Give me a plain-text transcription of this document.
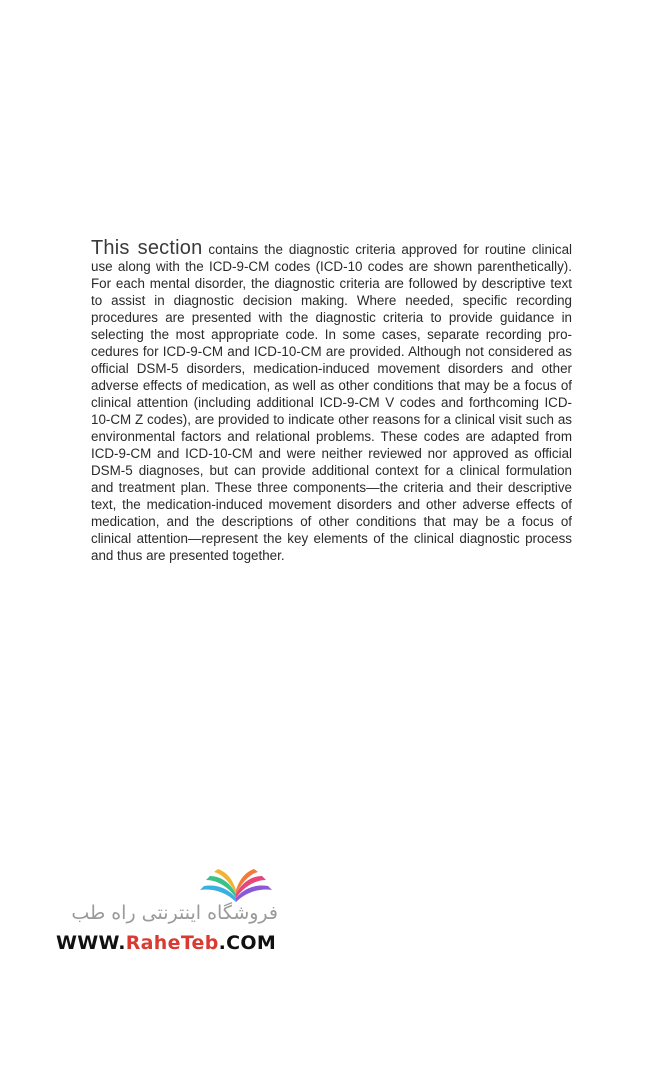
This section contains the diagnostic criteria approved for routine clinical use along with the ICD-9-CM codes (ICD-10 codes are shown parenthetically). For each mental disorder, the diagnostic criteria are followed by descriptive text to assist in diagnostic decision making. Where needed, specific recording procedures are presented with the diagnostic criteria to provide guidance in selecting the most appropriate code. In some cases, separate recording procedures for ICD-9-CM and ICD-10-CM are provided. Although not considered as official DSM-5 disorders, medication-induced movement disorders and other adverse effects of medication, as well as other conditions that may be a focus of clinical attention (including additional ICD-9-CM V codes and forthcoming ICD-10-CM Z codes), are provided to indicate other reasons for a clinical visit such as environmental factors and relational problems. These codes are adapted from ICD-9-CM and ICD-10-CM and were neither reviewed nor approved as official DSM-5 diagnoses, but can provide additional context for a clinical formulation and treatment plan. These three components—the criteria and their descriptive text, the medication-induced movement disorders and other adverse effects of medication, and the descriptions of other conditions that may be a focus of clinical attention—represent the key elements of the clinical diagnostic process and thus are presented together.

فروشگاه اینترنتی راه طب
WWW.RaheTeb.COM
